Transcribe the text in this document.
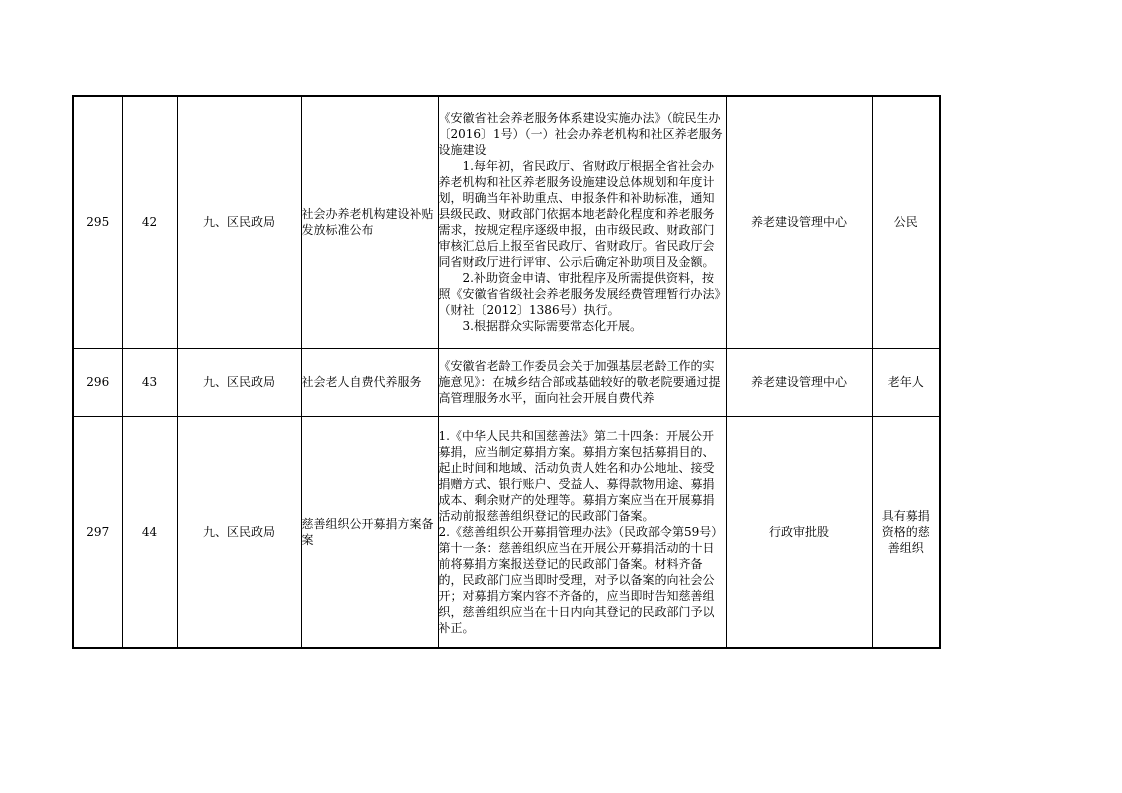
295	42	九、区民政局	社会办养老机构建设补贴发放标准公布	《安徽省社会养老服务体系建设实施办法》（皖民生办〔2016〕1号）（一）社会办养老机构和社区养老服务设施建设

1.每年初，省民政厅、省财政厅根据全省社会办养老机构和社区养老服务设施建设总体规划和年度计划，明确当年补助重点、申报条件和补助标准，通知县级民政、财政部门依据本地老龄化程度和养老服务需求，按规定程序逐级申报，由市级民政、财政部门审核汇总后上报至省民政厅、省财政厅。省民政厅会同省财政厅进行评审、公示后确定补助项目及金额。

2.补助资金申请、审批程序及所需提供资料，按照《安徽省省级社会养老服务发展经费管理暂行办法》（财社〔2012〕1386号）执行。

3.根据群众实际需要常态化开展。	养老建设管理中心	公民
296	43	九、区民政局	社会老人自费代养服务	《安徽省老龄工作委员会关于加强基层老龄工作的实施意见》：在城乡结合部或基础较好的敬老院要通过提高管理服务水平，面向社会开展自费代养	养老建设管理中心	老年人
297	44	九、区民政局	慈善组织公开募捐方案备案	1.《中华人民共和国慈善法》第二十四条：开展公开募捐，应当制定募捐方案。募捐方案包括募捐目的、起止时间和地域、活动负责人姓名和办公地址、接受捐赠方式、银行账户、受益人、募得款物用途、募捐成本、剩余财产的处理等。募捐方案应当在开展募捐活动前报慈善组织登记的民政部门备案。

2.《慈善组织公开募捐管理办法》（民政部令第59号）第十一条：慈善组织应当在开展公开募捐活动的十日前将募捐方案报送登记的民政部门备案。材料齐备的，民政部门应当即时受理，对予以备案的向社会公开；对募捐方案内容不齐备的，应当即时告知慈善组织，慈善组织应当在十日内向其登记的民政部门予以补正。	行政审批股	具有募捐资格的慈善组织
